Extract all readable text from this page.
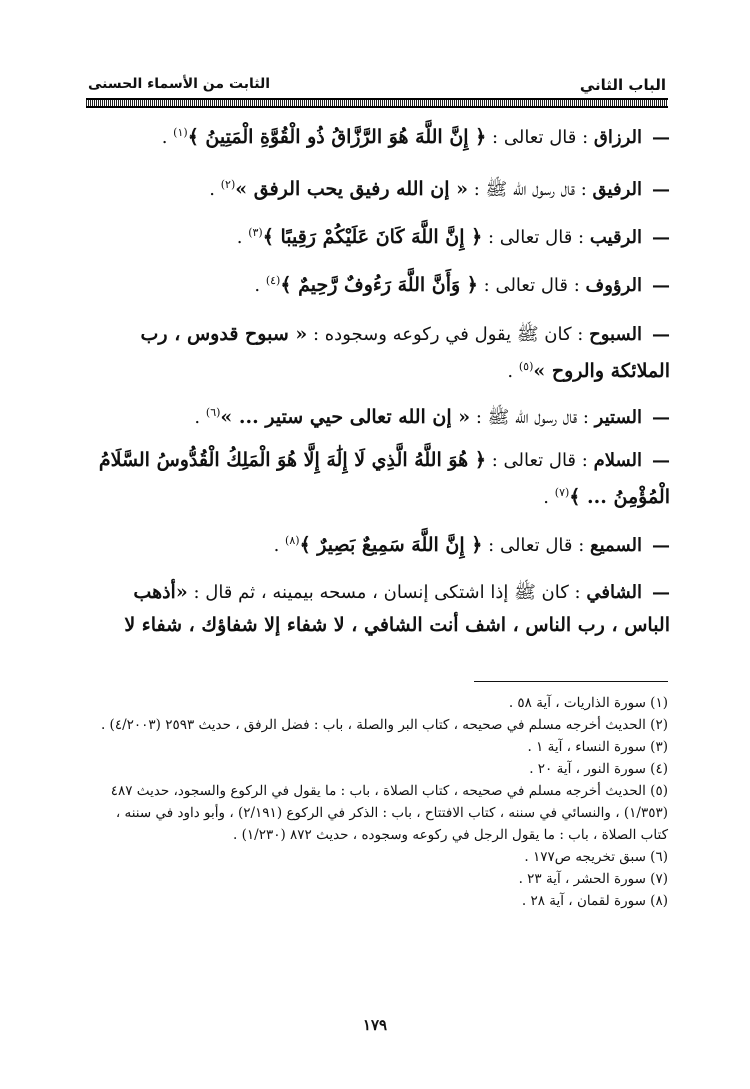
الباب الثاني
الثابت من الأسماء الحسنى
—الرزاق : قال تعالى : ﴿ إِنَّ اللَّهَ هُوَ الرَّزَّاقُ ذُو الْقُوَّةِ الْمَتِينُ ﴾$^{(١)}$ .
—الرفيق : قال رسول الله ﷺ : « إن الله رفيق يحب الرفق »$^{(٢)}$ .
—الرقيب : قال تعالى : ﴿ إِنَّ اللَّهَ كَانَ عَلَيْكُمْ رَقِيبًا ﴾$^{(٣)}$ .
—الرؤوف : قال تعالى : ﴿ وَأَنَّ اللَّهَ رَءُوفٌ رَّحِيمٌ ﴾$^{(٤)}$ .
—السبوح : كان ﷺ يقول في ركوعه وسجوده : « سبوح قدوس ، رب الملائكة والروح »$^{(٥)}$ .
—الستير : قال رسول الله ﷺ : « إن الله تعالى حيي ستير ... »$^{(٦)}$ .
—السلام : قال تعالى : ﴿ هُوَ اللَّهُ الَّذِي لَا إِلَٰهَ إِلَّا هُوَ الْمَلِكُ الْقُدُّوسُ السَّلَامُ الْمُؤْمِنُ ... ﴾$^{(٧)}$ .
—السميع : قال تعالى : ﴿ إِنَّ اللَّهَ سَمِيعٌ بَصِيرٌ ﴾$^{(٨)}$ .
—الشافي : كان ﷺ إذا اشتكى إنسان ، مسحه بيمينه ، ثم قال : «أذهب الباس ، رب الناس ، اشف أنت الشافي ، لا شفاء إلا شفاؤك ، شفاء لا
(١) سورة الذاريات ، آية ٥٨ .
(٢) الحديث أخرجه مسلم في صحيحه ، كتاب البر والصلة ، باب : فضل الرفق ، حديث ٢٥٩٣ (٤/٢٠٠٣) .
(٣) سورة النساء ، آية ١ .
(٤) سورة النور ، آية ٢٠ .
(٥) الحديث أخرجه مسلم في صحيحه ، كتاب الصلاة ، باب : ما يقول في الركوع والسجود، حديث ٤٨٧ (١/٣٥٣) ، والنسائي في سننه ، كتاب الافتتاح ، باب : الذكر في الركوع (٢/١٩١) ، وأبو داود في سننه ، كتاب الصلاة ، باب : ما يقول الرجل في ركوعه وسجوده ، حديث ٨٧٢ (١/٢٣٠) .
(٦) سبق تخريجه ص١٧٧ .
(٧) سورة الحشر ، آية ٢٣ .
(٨) سورة لقمان ، آية ٢٨ .
١٧٩
